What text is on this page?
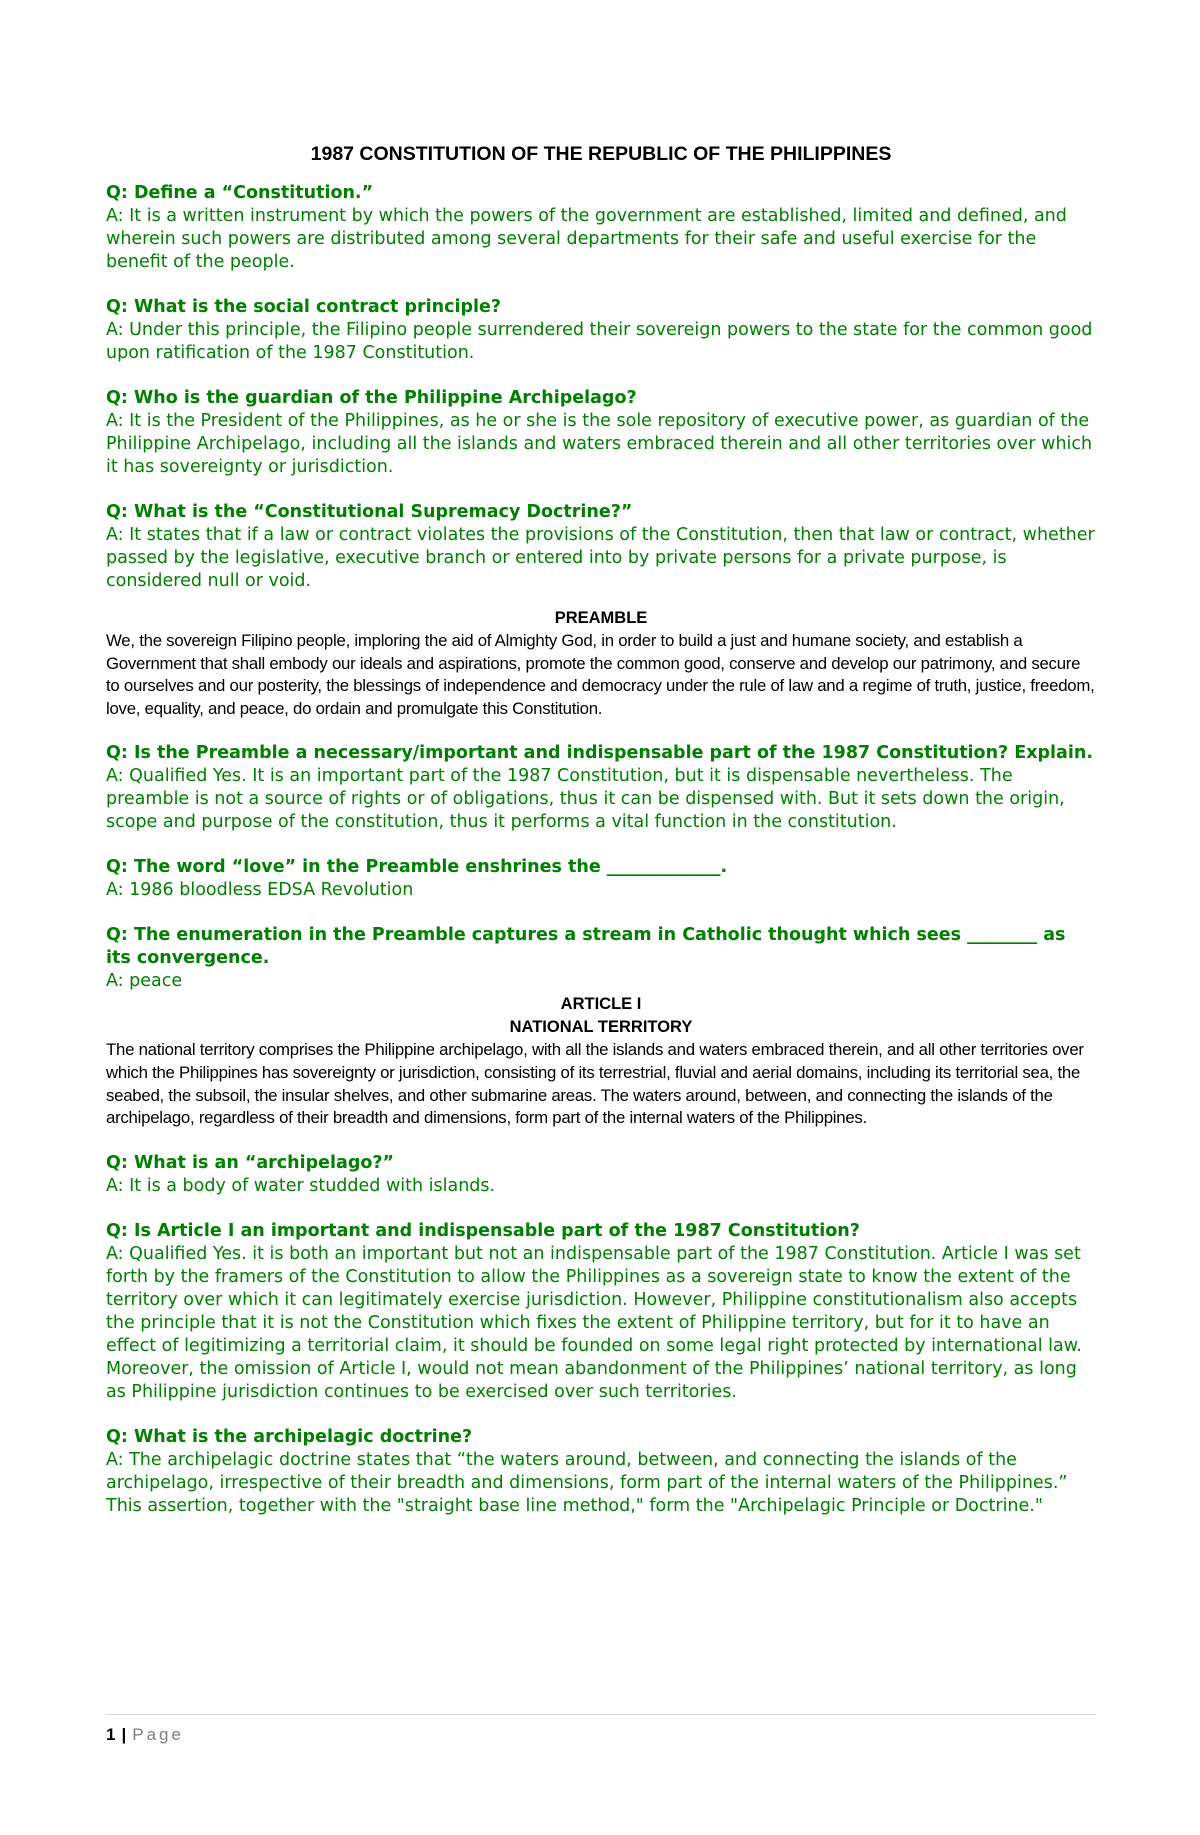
1987 CONSTITUTION OF THE REPUBLIC OF THE PHILIPPINES

Q: Define a “Constitution.”

A: It is a written instrument by which the powers of the government are established, limited and defined, and wherein such powers are distributed among several departments for their safe and useful exercise for the benefit of the people.

Q: What is the social contract principle?

A: Under this principle, the Filipino people surrendered their sovereign powers to the state for the common good upon ratification of the 1987 Constitution.

Q: Who is the guardian of the Philippine Archipelago?

A: It is the President of the Philippines, as he or she is the sole repository of executive power, as guardian of the Philippine Archipelago, including all the islands and waters embraced therein and all other territories over which it has sovereignty or jurisdiction.

Q: What is the “Constitutional Supremacy Doctrine?”

A: It states that if a law or contract violates the provisions of the Constitution, then that law or contract, whether passed by the legislative, executive branch or entered into by private persons for a private purpose, is considered null or void.

PREAMBLE

We, the sovereign Filipino people, imploring the aid of Almighty God, in order to build a just and humane society, and establish a Government that shall embody our ideals and aspirations, promote the common good, conserve and develop our patrimony, and secure to ourselves and our posterity, the blessings of independence and democracy under the rule of law and a regime of truth, justice, freedom, love, equality, and peace, do ordain and promulgate this Constitution.

Q: Is the Preamble a necessary/important and indispensable part of the 1987 Constitution? Explain.

A: Qualified Yes. It is an important part of the 1987 Constitution, but it is dispensable nevertheless. The preamble is not a source of rights or of obligations, thus it can be dispensed with. But it sets down the origin, scope and purpose of the constitution, thus it performs a vital function in the constitution.

Q: The word “love” in the Preamble enshrines the _____________.

A: 1986 bloodless EDSA Revolution

Q: The enumeration in the Preamble captures a stream in Catholic thought which sees ________ as its convergence.

A: peace

ARTICLE I

NATIONAL TERRITORY

The national territory comprises the Philippine archipelago, with all the islands and waters embraced therein, and all other territories over which the Philippines has sovereignty or jurisdiction, consisting of its terrestrial, fluvial and aerial domains, including its territorial sea, the seabed, the subsoil, the insular shelves, and other submarine areas. The waters around, between, and connecting the islands of the archipelago, regardless of their breadth and dimensions, form part of the internal waters of the Philippines.

Q: What is an “archipelago?”

A: It is a body of water studded with islands.

Q: Is Article I an important and indispensable part of the 1987 Constitution?

A: Qualified Yes. it is both an important but not an indispensable part of the 1987 Constitution. Article I was set forth by the framers of the Constitution to allow the Philippines as a sovereign state to know the extent of the territory over which it can legitimately exercise jurisdiction. However, Philippine constitutionalism also accepts the principle that it is not the Constitution which fixes the extent of Philippine territory, but for it to have an effect of legitimizing a territorial claim, it should be founded on some legal right protected by international law. Moreover, the omission of Article I, would not mean abandonment of the Philippines’ national territory, as long as Philippine jurisdiction continues to be exercised over such territories.

Q: What is the archipelagic doctrine?

A: The archipelagic doctrine states that “the waters around, between, and connecting the islands of the archipelago, irrespective of their breadth and dimensions, form part of the internal waters of the Philippines.” This assertion, together with the "straight base line method," form the "Archipelagic Principle or Doctrine."

1 | Page
